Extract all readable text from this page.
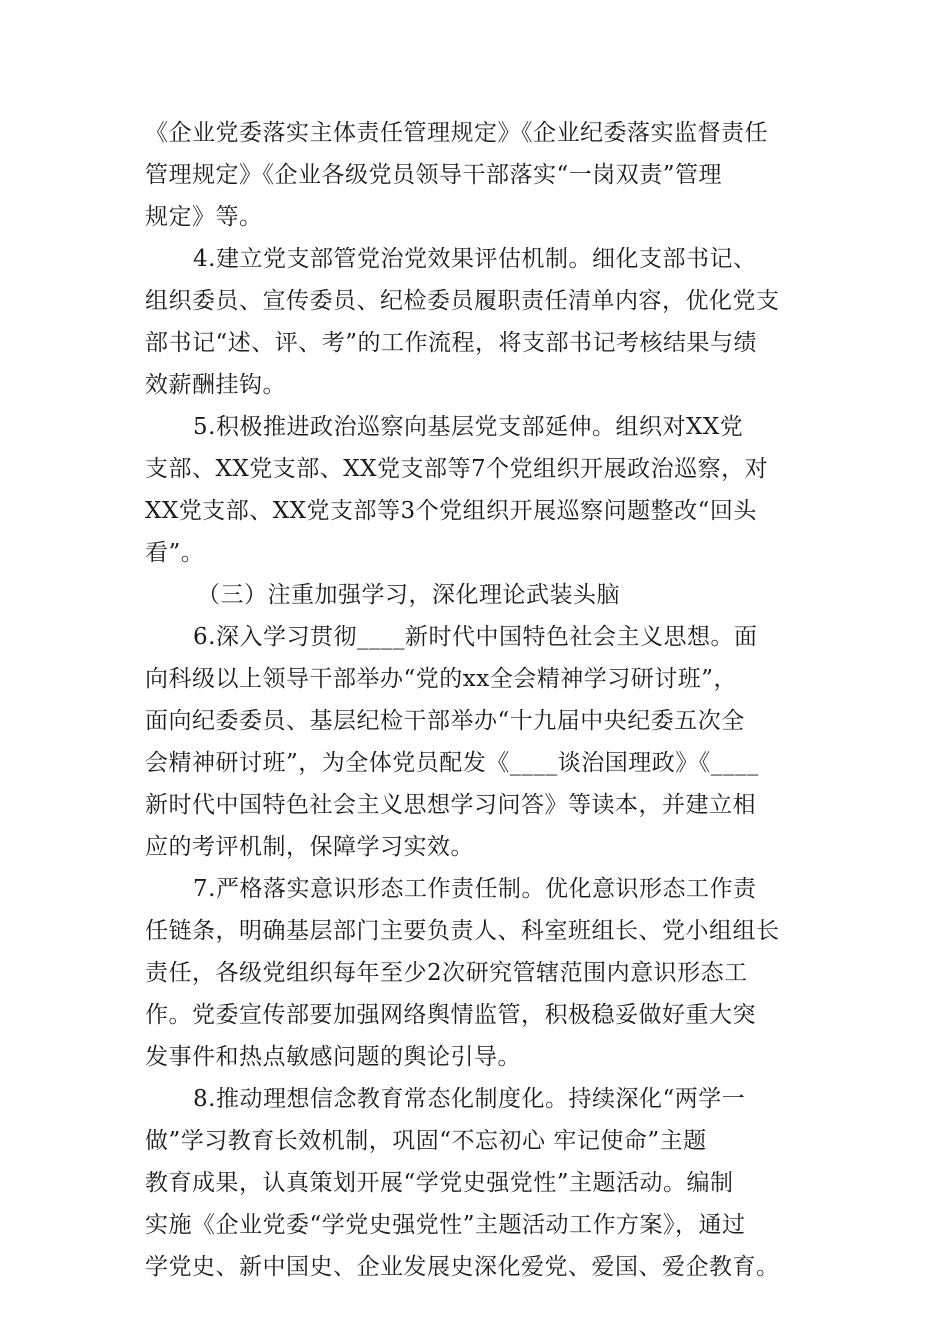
《企业党委落实主体责任管理规定》《企业纪委落实监督责任
管理规定》《企业各级党员领导干部落实“一岗双责”管理
规定》等。
4.建立党支部管党治党效果评估机制。细化支部书记、
组织委员、宣传委员、纪检委员履职责任清单内容，优化党支
部书记“述、评、考”的工作流程，将支部书记考核结果与绩
效薪酬挂钩。
5.积极推进政治巡察向基层党支部延伸。组织对XX党
支部、XX党支部、XX党支部等7个党组织开展政治巡察，对
XX党支部、XX党支部等3个党组织开展巡察问题整改“回头
看”。
（三）注重加强学习，深化理论武装头脑
6.深入学习贯彻____新时代中国特色社会主义思想。面
向科级以上领导干部举办“党的xx全会精神学习研讨班”，
面向纪委委员、基层纪检干部举办“十九届中央纪委五次全
会精神研讨班”，为全体党员配发《____谈治国理政》《____
新时代中国特色社会主义思想学习问答》等读本，并建立相
应的考评机制，保障学习实效。
7.严格落实意识形态工作责任制。优化意识形态工作责
任链条，明确基层部门主要负责人、科室班组长、党小组组长
责任，各级党组织每年至少2次研究管辖范围内意识形态工
作。党委宣传部要加强网络舆情监管，积极稳妥做好重大突
发事件和热点敏感问题的舆论引导。
8.推动理想信念教育常态化制度化。持续深化“两学一
做”学习教育长效机制，巩固“不忘初心 牢记使命”主题
教育成果，认真策划开展“学党史强党性”主题活动。编制
实施《企业党委“学党史强党性”主题活动工作方案》，通过
学党史、新中国史、企业发展史深化爱党、爱国、爱企教育。
